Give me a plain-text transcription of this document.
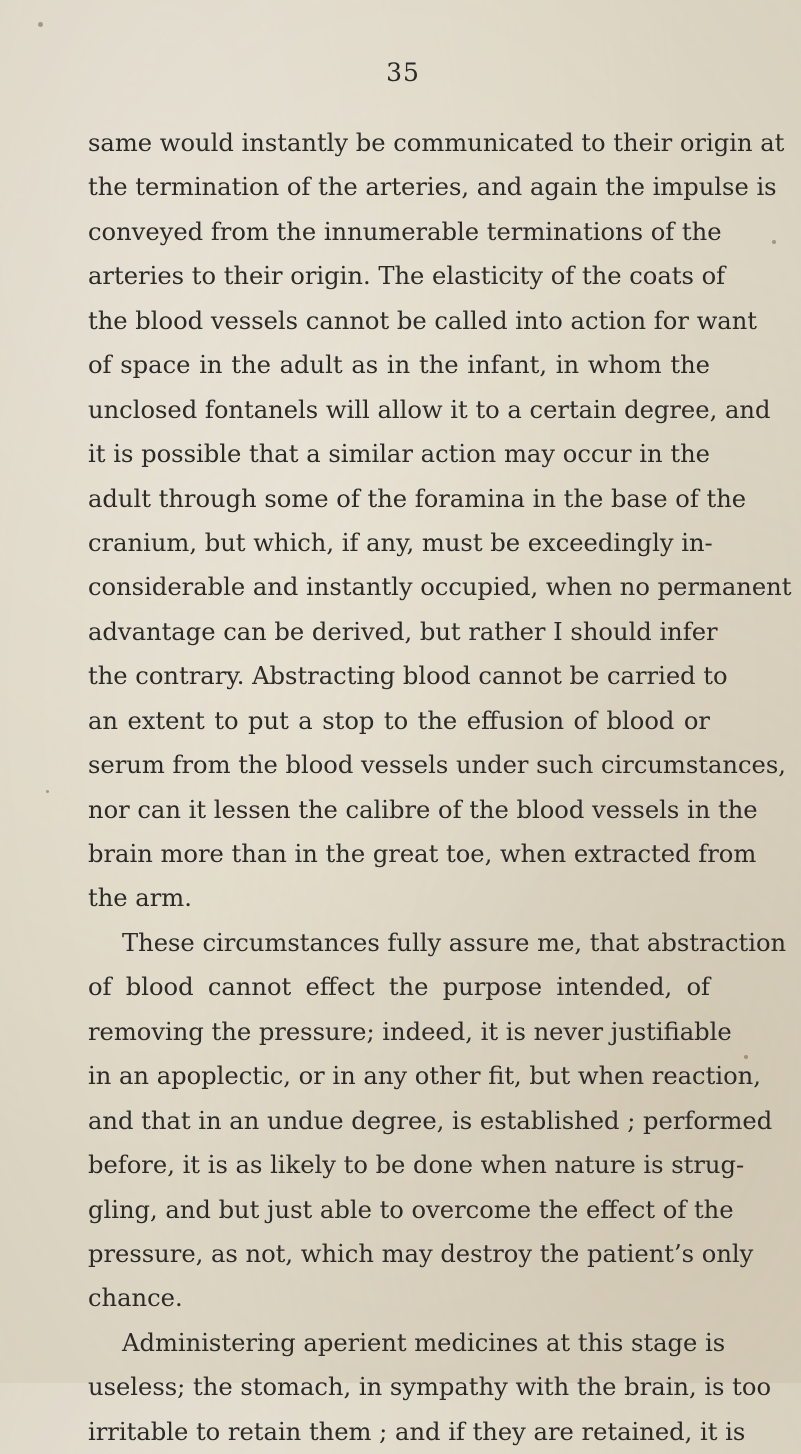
35
same would instantly be communicated to their origin at
the termination of the arteries, and again the impulse is
conveyed from the innumerable terminations of the
arteries to their origin. The elasticity of the coats of
the blood vessels cannot be called into action for want
of space in the adult as in the infant, in whom the
unclosed fontanels will allow it to a certain degree, and
it is possible that a similar action may occur in the
adult through some of the foramina in the base of the
cranium, but which, if any, must be exceedingly in-
considerable and instantly occupied, when no permanent
advantage can be derived, but rather I should infer
the contrary. Abstracting blood cannot be carried to
an extent to put a stop to the effusion of blood or
serum from the blood vessels under such circumstances,
nor can it lessen the calibre of the blood vessels in the
brain more than in the great toe, when extracted from
the arm.
These circumstances fully assure me, that abstraction
of blood cannot effect the purpose intended, of
removing the pressure; indeed, it is never justifiable
in an apoplectic, or in any other fit, but when reaction,
and that in an undue degree, is established ; performed
before, it is as likely to be done when nature is strug-
gling, and but just able to overcome the effect of the
pressure, as not, which may destroy the patient’s only
chance.
Administering aperient medicines at this stage is
useless; the stomach, in sympathy with the brain, is too
irritable to retain them ; and if they are retained, it is
